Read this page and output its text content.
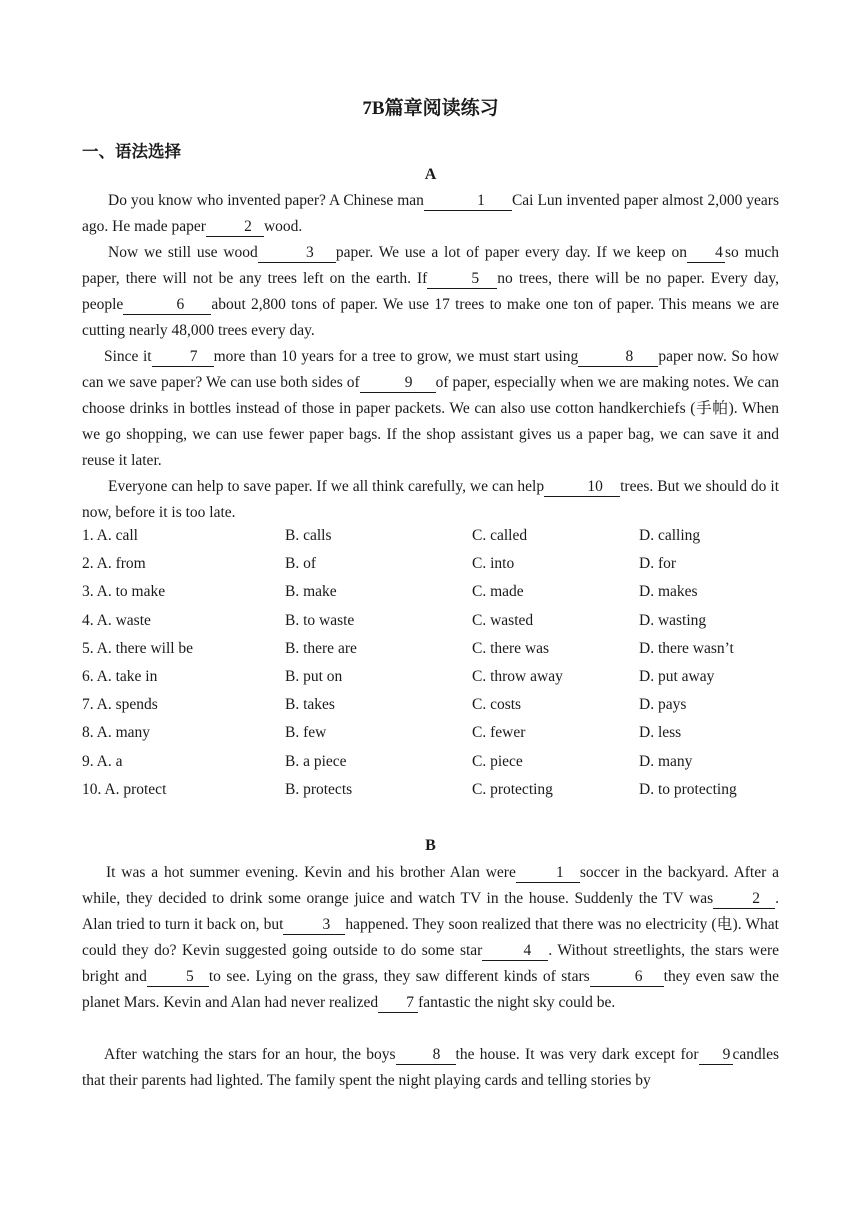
7B篇章阅读练习
一、语法选择
A

Do you know who invented paper? A Chinese man	1 Cai Lun invented paper almost 2,000 years ago. He made paper 2 wood.

Now we still use wood	3 paper. We use a lot of paper every day. If we keep on 4 so much paper, there will not be any trees left on the earth. If	5 no trees, there will be no paper. Every day, people	6 about 2,800 tons of paper. We use 17 trees to make one ton of paper. This means we are cutting nearly 48,000 trees every day.

Since it 7 more than 10 years for a tree to grow, we must start using	8 paper now. So how can we save paper? We can use both sides of	9 of paper, especially when we are making notes. We can choose drinks in bottles instead of those in paper packets. We can also use cotton handkerchiefs (手帕). When we go shopping, we can use fewer paper bags. If the shop assistant gives us a paper bag, we can save it and reuse it later.

Everyone can help to save paper. If we all think carefully, we can help	10 trees. But we should do it now, before it is too late.

1. A. call	B. calls	C. called	D. calling
2. A. from	B. of	C. into	D. for
3. A. to make	B. make	C. made	D. makes
4. A. waste	B. to waste	C. wasted	D. wasting
5. A. there will be	B. there are	C. there was	D. there wasn’t
6. A. take in	B. put on	C. throw away	D. put away
7. A. spends	B. takes	C. costs	D. pays
8. A. many	B. few	C. fewer	D. less
9. A. a	B. a piece	C. piece	D. many
10. A. protect	B. protects	C. protecting	D. to protecting
B

It was a hot summer evening. Kevin and his brother Alan were	1 soccer in the backyard. After a while, they decided to drink some orange juice and watch TV in the house. Suddenly the TV was	2 . Alan tried to turn it back on, but	3 happened. They soon realized that there was no electricity (电). What could they do? Kevin suggested going outside to do some star	4 . Without streetlights, the stars were bright and	5 to see. Lying on the grass, they saw different kinds of stars	6 they even saw the planet Mars. Kevin and Alan had never realized 7 fantastic the night sky could be.

After watching the stars for an hour, the boys 8 the house. It was very dark except for 9 candles that their parents had lighted. The family spent the night playing cards and telling stories by
